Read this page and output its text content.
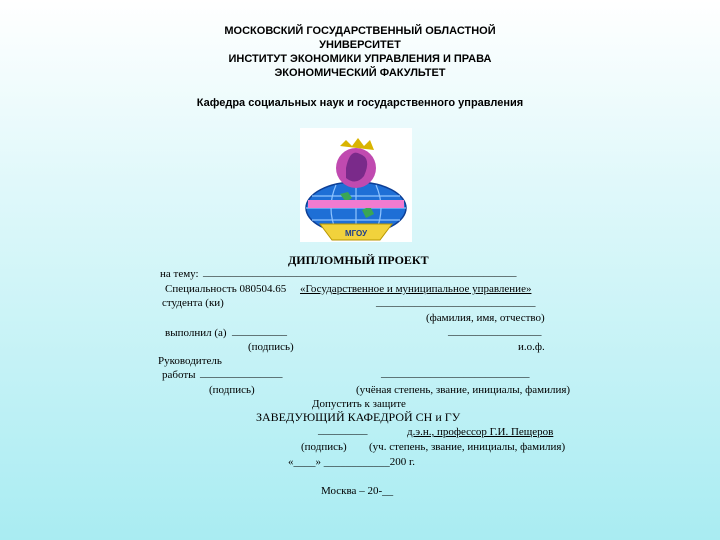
МОСКОВСКИЙ ГОСУДАРСТВЕННЫЙ ОБЛАСТНОЙ
УНИВЕРСИТЕТ
ИНСТИТУТ ЭКОНОМИКИ УПРАВЛЕНИЯ И ПРАВА
ЭКОНОМИЧЕСКИЙ ФАКУЛЬТЕТ
Кафедра социальных наук и государственного управления
МГОУ
ДИПЛОМНЫЙ ПРОЕКТ
на тему: _________________________________________________________
Специальность 080504.65 «Государственное и муниципальное управление»
студента (ки)	_____________________________
(фамилия, имя, отчество)
выполнил (а) __________	_________________
(подпись)	и.о.ф.
Руководитель
работы _______________	___________________________
(подпись)	(учёная степень, звание, инициалы, фамилия)
Допустить к защите
ЗАВЕДУЮЩИЙ КАФЕДРОЙ СН и ГУ
_________	д.э.н., профессор Г.И. Пещеров
(подпись) (уч. степень, звание, инициалы, фамилия)
«____» ____________200 г.
Москва – 20-__
